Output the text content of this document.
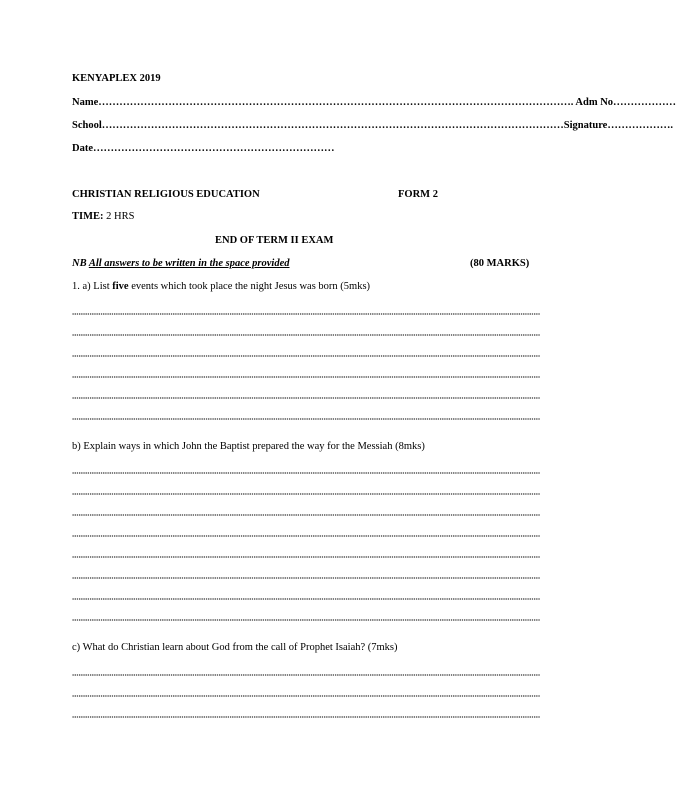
KENYAPLEX 2019
Name………………………………………………………………………………………………………………………. Adm No………………
School……………………………………………………………………………………………………………………Signature……………….
Date……………………………………………………………
CHRISTIAN RELIGIOUS EDUCATION	FORM 2
TIME: 2 HRS
END OF TERM II EXAM
NB All answers to be written in the space provided	(80 MARKS)
1. a) List five events which took place the night Jesus was born (5mks)
b) Explain ways in which John the Baptist prepared the way for the Messiah (8mks)
c) What do Christian learn about God from the call of Prophet Isaiah? (7mks)
